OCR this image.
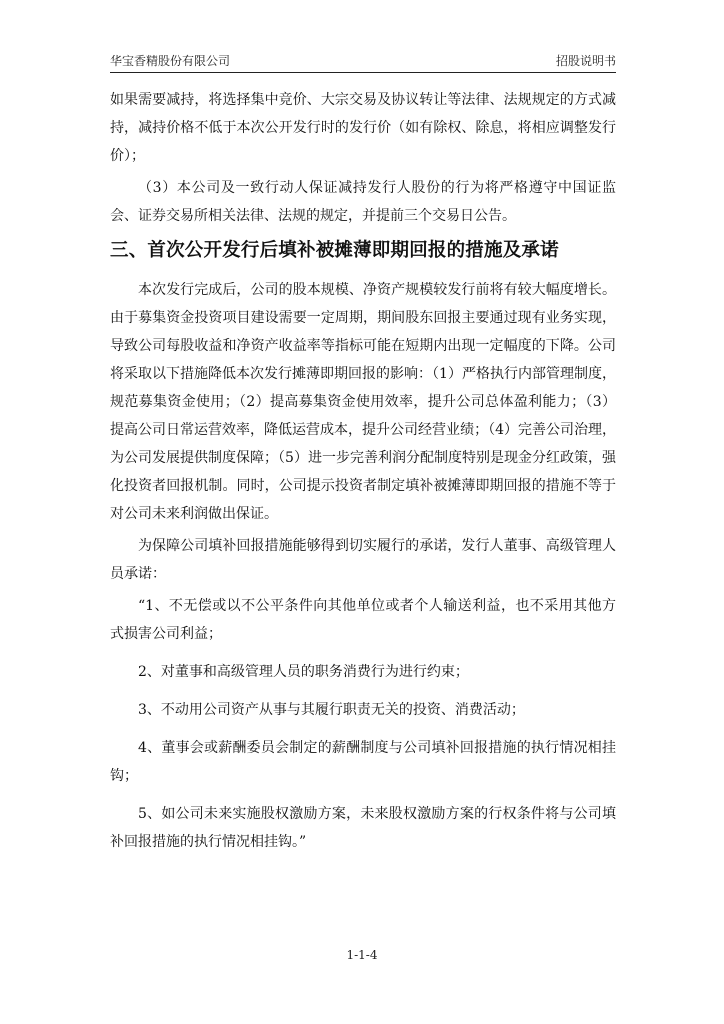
华宝香精股份有限公司	招股说明书

如果需要减持，将选择集中竞价、大宗交易及协议转让等法律、法规规定的方式减持，减持价格不低于本次公开发行时的发行价（如有除权、除息，将相应调整发行价）；

（3）本公司及一致行动人保证减持发行人股份的行为将严格遵守中国证监会、证券交易所相关法律、法规的规定，并提前三个交易日公告。

三、首次公开发行后填补被摊薄即期回报的措施及承诺

本次发行完成后，公司的股本规模、净资产规模较发行前将有较大幅度增长。由于募集资金投资项目建设需要一定周期，期间股东回报主要通过现有业务实现，导致公司每股收益和净资产收益率等指标可能在短期内出现一定幅度的下降。公司将采取以下措施降低本次发行摊薄即期回报的影响：（1）严格执行内部管理制度，规范募集资金使用；（2）提高募集资金使用效率，提升公司总体盈利能力；（3）提高公司日常运营效率，降低运营成本，提升公司经营业绩；（4）完善公司治理，为公司发展提供制度保障；（5）进一步完善利润分配制度特别是现金分红政策，强化投资者回报机制。同时，公司提示投资者制定填补被摊薄即期回报的措施不等于对公司未来利润做出保证。

为保障公司填补回报措施能够得到切实履行的承诺，发行人董事、高级管理人员承诺：

“1、不无偿或以不公平条件向其他单位或者个人输送利益，也不采用其他方式损害公司利益；

2、对董事和高级管理人员的职务消费行为进行约束；

3、不动用公司资产从事与其履行职责无关的投资、消费活动；

4、董事会或薪酬委员会制定的薪酬制度与公司填补回报措施的执行情况相挂钩；

5、如公司未来实施股权激励方案，未来股权激励方案的行权条件将与公司填补回报措施的执行情况相挂钩。”

1-1-4
